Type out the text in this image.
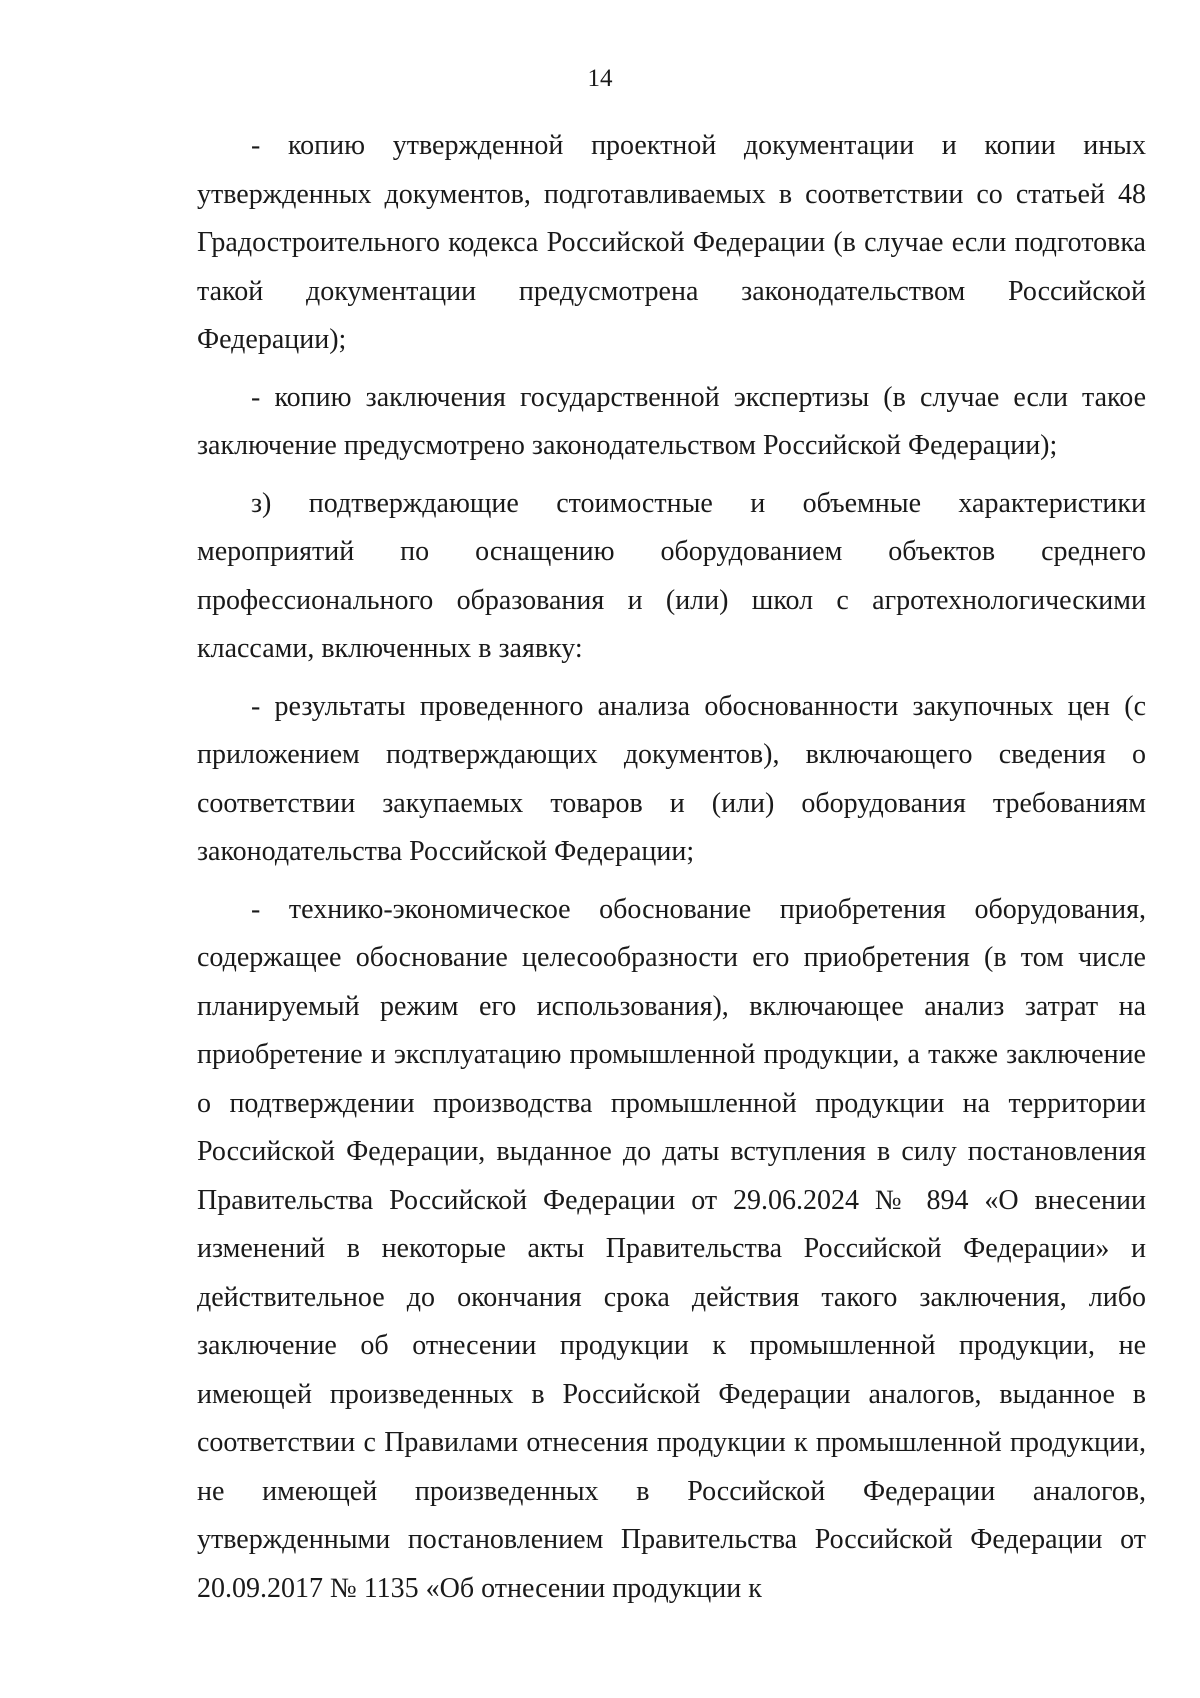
14

- копию утвержденной проектной документации и копии иных утвержденных документов, подготавливаемых в соответствии со статьей 48 Градостроительного кодекса Российской Федерации (в случае если подготовка такой документации предусмотрена законодательством Российской Федерации);

- копию заключения государственной экспертизы (в случае если такое заключение предусмотрено законодательством Российской Федерации);

з) подтверждающие стоимостные и объемные характеристики мероприятий по оснащению оборудованием объектов среднего профессионального образования и (или) школ с агротехнологическими классами, включенных в заявку:

- результаты проведенного анализа обоснованности закупочных цен (с приложением подтверждающих документов), включающего сведения о соответствии закупаемых товаров и (или) оборудования требованиям законодательства Российской Федерации;

- технико-экономическое обоснование приобретения оборудования, содержащее обоснование целесообразности его приобретения (в том числе планируемый режим его использования), включающее анализ затрат на приобретение и эксплуатацию промышленной продукции, а также заключение о подтверждении производства промышленной продукции на территории Российской Федерации, выданное до даты вступления в силу постановления Правительства Российской Федерации от 29.06.2024 № 894 «О внесении изменений в некоторые акты Правительства Российской Федерации» и действительное до окончания срока действия такого заключения, либо заключение об отнесении продукции к промышленной продукции, не имеющей произведенных в Российской Федерации аналогов, выданное в соответствии с Правилами отнесения продукции к промышленной продукции, не имеющей произведенных в Российской Федерации аналогов, утвержденными постановлением Правительства Российской Федерации от 20.09.2017 № 1135 «Об отнесении продукции к
